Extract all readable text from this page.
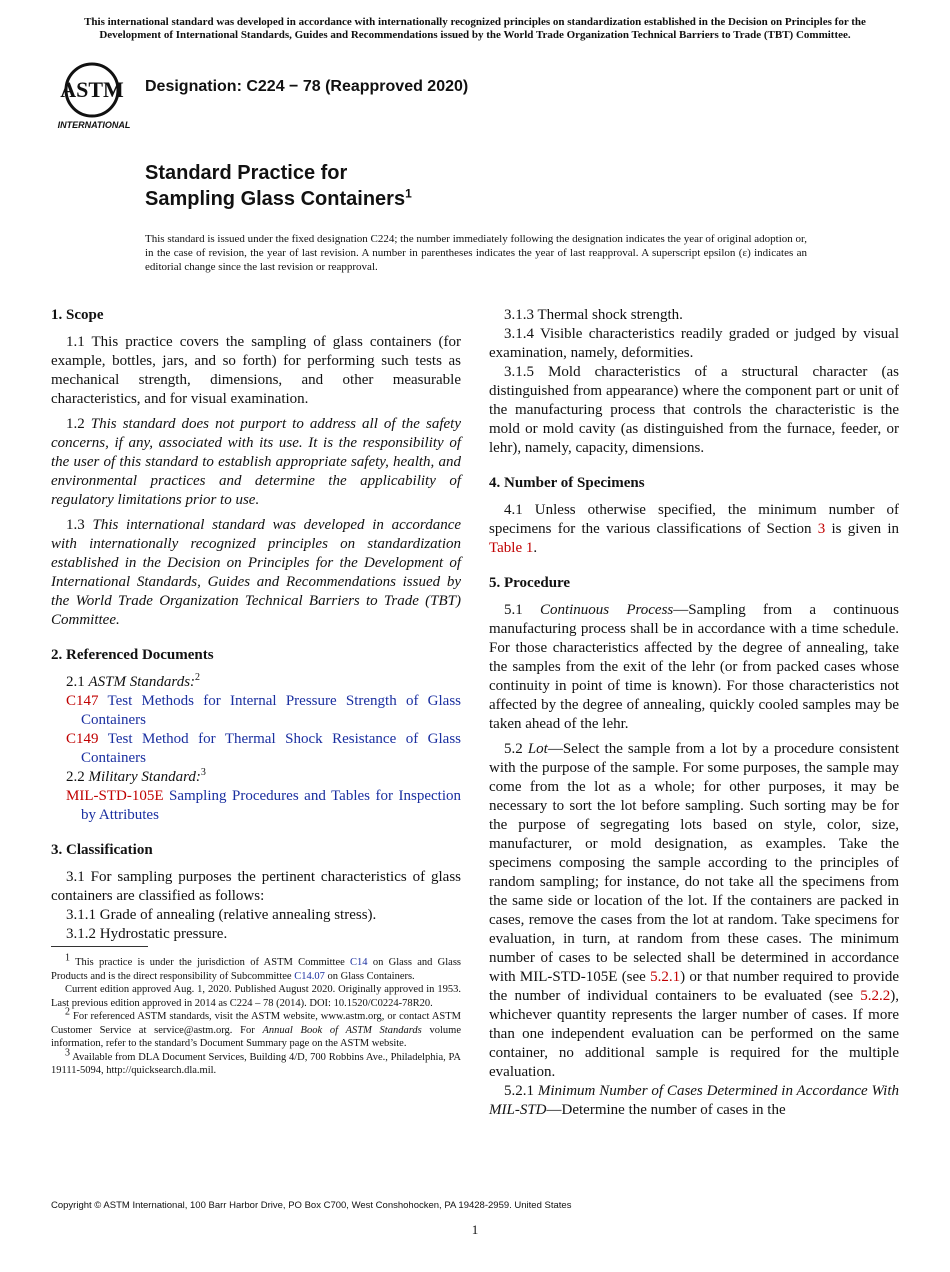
This international standard was developed in accordance with internationally recognized principles on standardization established in the Decision on Principles for the Development of International Standards, Guides and Recommendations issued by the World Trade Organization Technical Barriers to Trade (TBT) Committee.
ASTM
INTERNATIONAL
Designation: C224 − 78 (Reapproved 2020)
Standard Practice for
Sampling Glass Containers$^1$
This standard is issued under the fixed designation C224; the number immediately following the designation indicates the year of original adoption or, in the case of revision, the year of last revision. A number in parentheses indicates the year of last reapproval. A superscript epsilon (ε) indicates an editorial change since the last revision or reapproval.
1. Scope

1.1 This practice covers the sampling of glass containers (for example, bottles, jars, and so forth) for performing such tests as mechanical strength, dimensions, and other measurable characteristics, and for visual examination.

1.2 This standard does not purport to address all of the safety concerns, if any, associated with its use. It is the responsibility of the user of this standard to establish appropriate safety, health, and environmental practices and determine the applicability of regulatory limitations prior to use.

1.3 This international standard was developed in accordance with internationally recognized principles on standardization established in the Decision on Principles for the Development of International Standards, Guides and Recommendations issued by the World Trade Organization Technical Barriers to Trade (TBT) Committee.

2. Referenced Documents

2.1 ASTM Standards:$^2$

C147 Test Methods for Internal Pressure Strength of Glass Containers

C149 Test Method for Thermal Shock Resistance of Glass Containers

2.2 Military Standard:$^3$

MIL-STD-105E Sampling Procedures and Tables for Inspection by Attributes

3. Classification

3.1 For sampling purposes the pertinent characteristics of glass containers are classified as follows:

3.1.1 Grade of annealing (relative annealing stress).

3.1.2 Hydrostatic pressure.

$^1$ This practice is under the jurisdiction of ASTM Committee C14 on Glass and Glass Products and is the direct responsibility of Subcommittee C14.07 on Glass Containers.

Current edition approved Aug. 1, 2020. Published August 2020. Originally approved in 1953. Last previous edition approved in 2014 as C224 – 78 (2014). DOI: 10.1520/C0224-78R20.

$^2$ For referenced ASTM standards, visit the ASTM website, www.astm.org, or contact ASTM Customer Service at service@astm.org. For Annual Book of ASTM Standards volume information, refer to the standard’s Document Summary page on the ASTM website.

$^3$ Available from DLA Document Services, Building 4/D, 700 Robbins Ave., Philadelphia, PA 19111-5094, http://quicksearch.dla.mil.

3.1.3 Thermal shock strength.

3.1.4 Visible characteristics readily graded or judged by visual examination, namely, deformities.

3.1.5 Mold characteristics of a structural character (as distinguished from appearance) where the component part or unit of the manufacturing process that controls the characteristic is the mold or mold cavity (as distinguished from the furnace, feeder, or lehr), namely, capacity, dimensions.

4. Number of Specimens

4.1 Unless otherwise specified, the minimum number of specimens for the various classifications of Section 3 is given in Table 1.

5. Procedure

5.1 Continuous Process—Sampling from a continuous manufacturing process shall be in accordance with a time schedule. For those characteristics affected by the degree of annealing, take the samples from the exit of the lehr (or from packed cases whose continuity in point of time is known). For those characteristics not affected by the degree of annealing, quickly cooled samples may be taken ahead of the lehr.

5.2 Lot—Select the sample from a lot by a procedure consistent with the purpose of the sample. For some purposes, the sample may come from the lot as a whole; for other purposes, it may be necessary to sort the lot before sampling. Such sorting may be for the purpose of segregating lots based on style, color, size, manufacturer, or mold designation, as examples. Take the specimens composing the sample according to the principles of random sampling; for instance, do not take all the specimens from the same side or location of the lot. If the containers are packed in cases, remove the cases from the lot at random. Take specimens for evaluation, in turn, at random from these cases. The minimum number of cases to be selected shall be determined in accordance with MIL-STD-105E (see 5.2.1) or that number required to provide the number of individual containers to be evaluated (see 5.2.2), whichever quantity represents the larger number of cases. If more than one independent evaluation can be performed on the same container, no additional sample is required for the multiple evaluation.

5.2.1 Minimum Number of Cases Determined in Accordance With MIL-STD—Determine the number of cases in the

Copyright © ASTM International, 100 Barr Harbor Drive, PO Box C700, West Conshohocken, PA 19428-2959. United States
1
